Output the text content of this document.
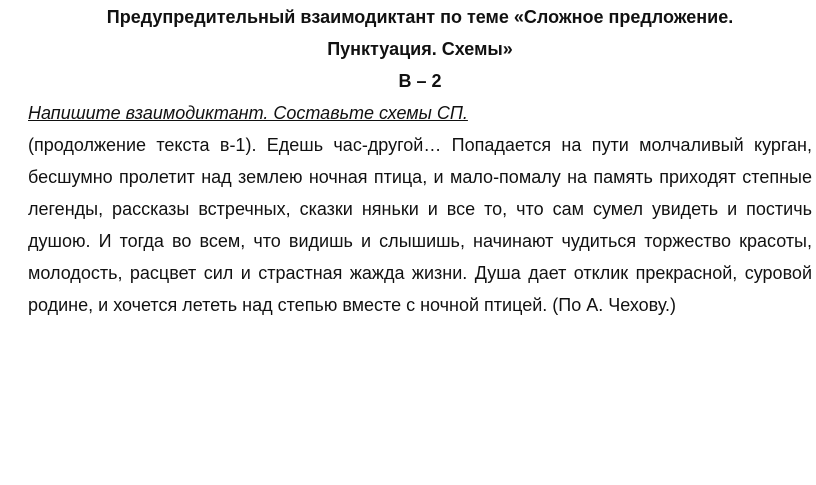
Предупредительный взаимодиктант по теме «Сложное предложение.

Пунктуация. Схемы»

В – 2

Напишите взаимодиктант. Составьте схемы СП.

(продолжение текста в-1). Едешь час-другой… Попадается на пути молчаливый курган, бесшумно пролетит над землею ночная птица, и мало-помалу на память приходят степные легенды, рассказы встречных, сказки няньки и все то, что сам сумел увидеть и постичь душою. И тогда во всем, что видишь и слышишь, начинают чудиться торжество красоты, молодость, расцвет сил и страстная жажда жизни. Душа дает отклик прекрасной, суровой родине, и хочется лететь над степью вместе с ночной птицей. (По А. Чехову.)
